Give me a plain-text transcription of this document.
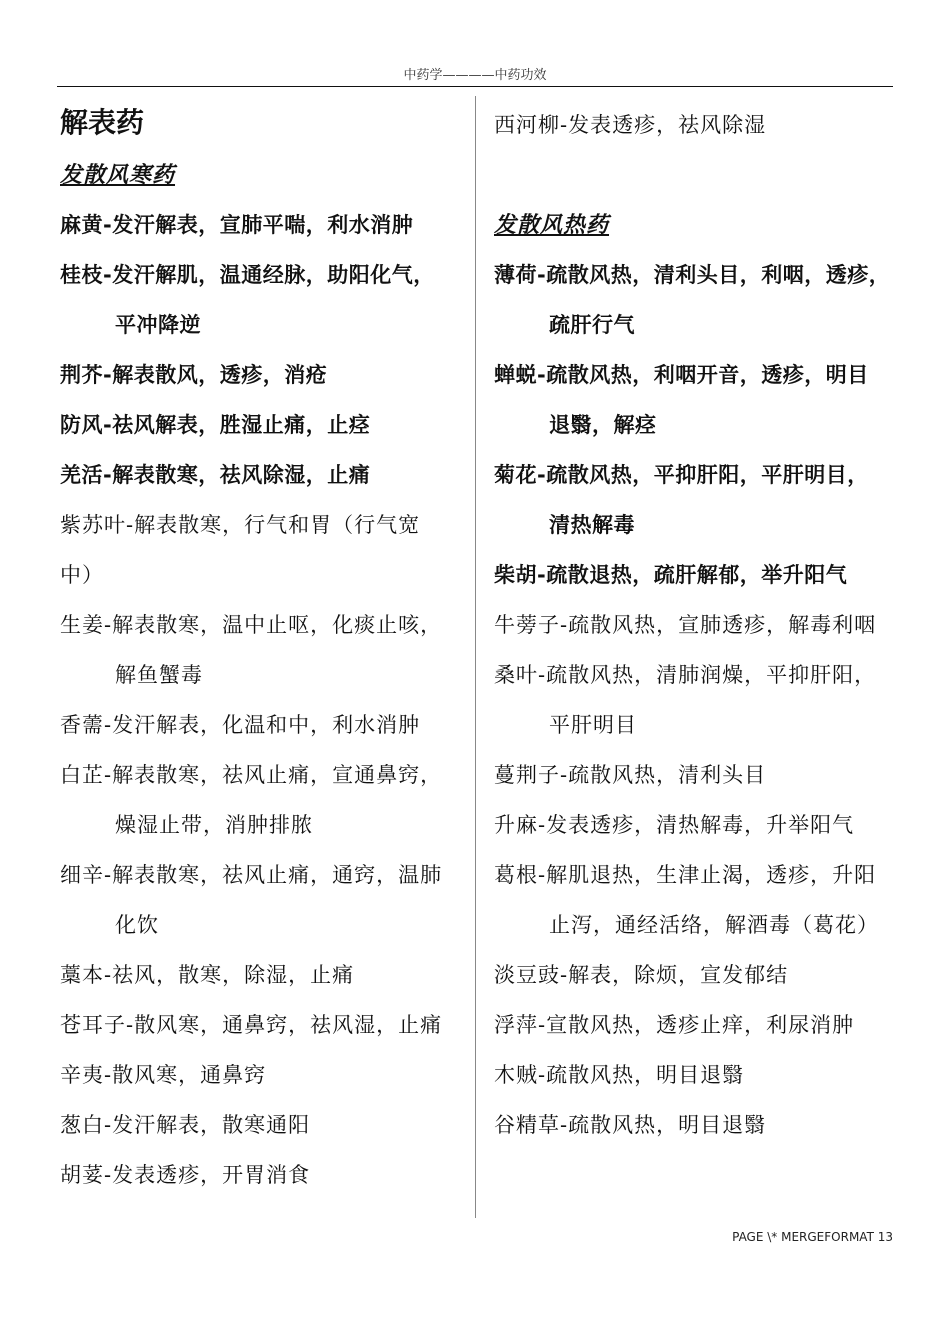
中药学————中药功效
解表药
发散风寒药
麻黄-发汗解表，宣肺平喘，利水消肿
桂枝-发汗解肌，温通经脉，助阳化气，
平冲降逆
荆芥-解表散风，透疹，消疮
防风-祛风解表，胜湿止痛，止痉
羌活-解表散寒，祛风除湿，止痛
紫苏叶-解表散寒，行气和胃（行气宽
中）
生姜-解表散寒，温中止呕，化痰止咳，
解鱼蟹毒
香薷-发汗解表，化温和中，利水消肿
白芷-解表散寒，祛风止痛，宣通鼻窍，
燥湿止带，消肿排脓
细辛-解表散寒，祛风止痛，通窍，温肺
化饮
藁本-祛风，散寒，除湿，止痛
苍耳子-散风寒，通鼻窍，祛风湿，止痛
辛夷-散风寒，通鼻窍
葱白-发汗解表，散寒通阳
胡荽-发表透疹，开胃消食
西河柳-发表透疹，祛风除湿
发散风热药
薄荷-疏散风热，清利头目，利咽，透疹，
疏肝行气
蝉蜕-疏散风热，利咽开音，透疹，明目
退翳，解痉
菊花-疏散风热，平抑肝阳，平肝明目，
清热解毒
柴胡-疏散退热，疏肝解郁，举升阳气
牛蒡子-疏散风热，宣肺透疹，解毒利咽
桑叶-疏散风热，清肺润燥，平抑肝阳，
平肝明目
蔓荆子-疏散风热，清利头目
升麻-发表透疹，清热解毒，升举阳气
葛根-解肌退热，生津止渴，透疹，升阳
止泻，通经活络，解酒毒（葛花）
淡豆豉-解表，除烦，宣发郁结
浮萍-宣散风热，透疹止痒，利尿消肿
木贼-疏散风热，明目退翳
谷精草-疏散风热，明目退翳
PAGE \* MERGEFORMAT 13
